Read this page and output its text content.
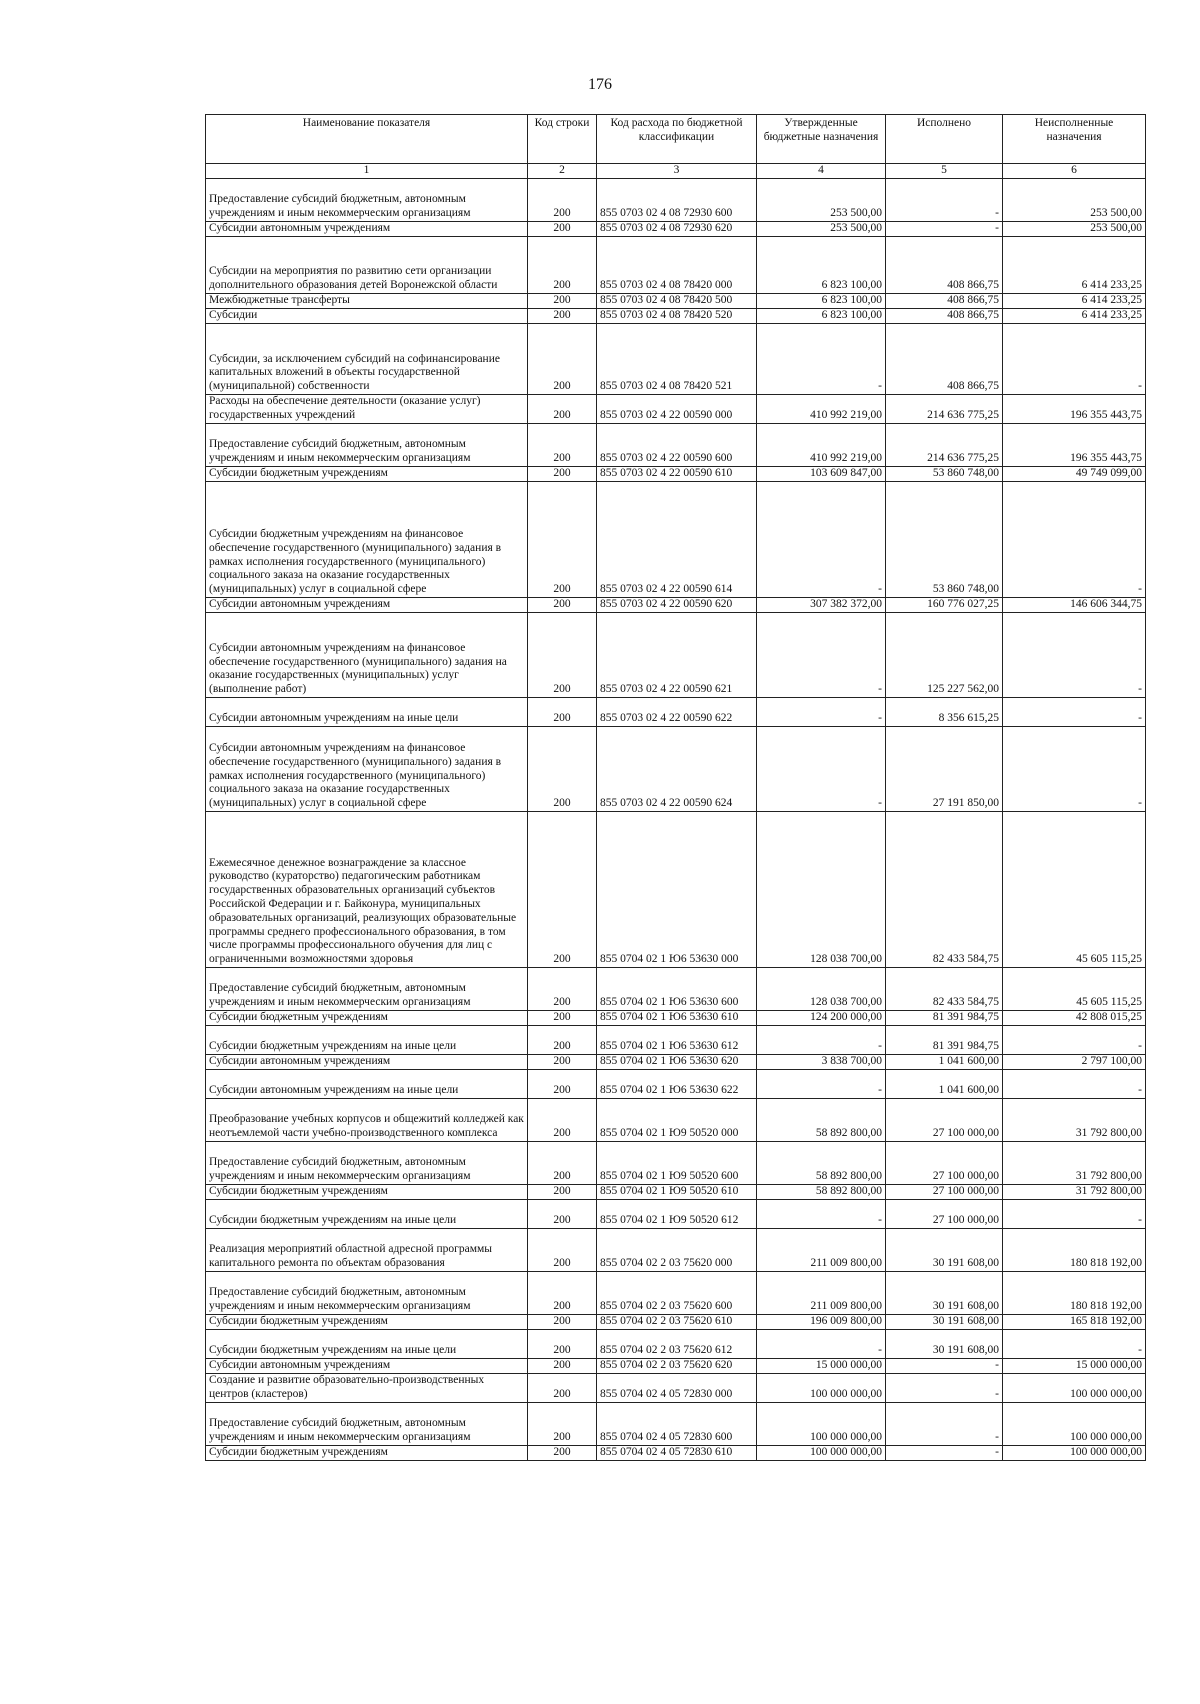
176
Наименование показателя	Код строки	Код расхода по бюджетной классификации	Утвержденные бюджетные назначения	Исполнено	Неисполненные назначения
1	2	3	4	5	6
Предоставление субсидий бюджетным, автономным учреждениям и иным некоммерческим организациям	200	855 0703 02 4 08 72930 600	253 500,00	-	253 500,00
Субсидии автономным учреждениям	200	855 0703 02 4 08 72930 620	253 500,00	-	253 500,00
Субсидии на мероприятия по развитию сети организации дополнительного образования детей Воронежской области	200	855 0703 02 4 08 78420 000	6 823 100,00	408 866,75	6 414 233,25
Межбюджетные трансферты	200	855 0703 02 4 08 78420 500	6 823 100,00	408 866,75	6 414 233,25
Субсидии	200	855 0703 02 4 08 78420 520	6 823 100,00	408 866,75	6 414 233,25
Субсидии, за исключением субсидий на софинансирование капитальных вложений в объекты государственной (муниципальной) собственности	200	855 0703 02 4 08 78420 521	-	408 866,75	-
Расходы на обеспечение деятельности (оказание услуг) государственных учреждений	200	855 0703 02 4 22 00590 000	410 992 219,00	214 636 775,25	196 355 443,75
Предоставление субсидий бюджетным, автономным учреждениям и иным некоммерческим организациям	200	855 0703 02 4 22 00590 600	410 992 219,00	214 636 775,25	196 355 443,75
Субсидии бюджетным учреждениям	200	855 0703 02 4 22 00590 610	103 609 847,00	53 860 748,00	49 749 099,00
Субсидии бюджетным учреждениям на финансовое обеспечение государственного (муниципального) задания в рамках исполнения государственного (муниципального) социального заказа на оказание государственных (муниципальных) услуг в социальной сфере	200	855 0703 02 4 22 00590 614	-	53 860 748,00	-
Субсидии автономным учреждениям	200	855 0703 02 4 22 00590 620	307 382 372,00	160 776 027,25	146 606 344,75
Субсидии автономным учреждениям на финансовое обеспечение государственного (муниципального) задания на оказание государственных (муниципальных) услуг (выполнение работ)	200	855 0703 02 4 22 00590 621	-	125 227 562,00	-
Субсидии автономным учреждениям на иные цели	200	855 0703 02 4 22 00590 622	-	8 356 615,25	-
Субсидии автономным учреждениям на финансовое обеспечение государственного (муниципального) задания в рамках исполнения государственного (муниципального) социального заказа на оказание государственных (муниципальных) услуг в социальной сфере	200	855 0703 02 4 22 00590 624	-	27 191 850,00	-
Ежемесячное денежное вознаграждение за классное руководство (кураторство) педагогическим работникам государственных образовательных организаций субъектов Российской Федерации и г. Байконура, муниципальных образовательных организаций, реализующих образовательные программы среднего профессионального образования, в том числе программы профессионального обучения для лиц с ограниченными возможностями здоровья	200	855 0704 02 1 Ю6 53630 000	128 038 700,00	82 433 584,75	45 605 115,25
Предоставление субсидий бюджетным, автономным учреждениям и иным некоммерческим организациям	200	855 0704 02 1 Ю6 53630 600	128 038 700,00	82 433 584,75	45 605 115,25
Субсидии бюджетным учреждениям	200	855 0704 02 1 Ю6 53630 610	124 200 000,00	81 391 984,75	42 808 015,25
Субсидии бюджетным учреждениям на иные цели	200	855 0704 02 1 Ю6 53630 612	-	81 391 984,75	-
Субсидии автономным учреждениям	200	855 0704 02 1 Ю6 53630 620	3 838 700,00	1 041 600,00	2 797 100,00
Субсидии автономным учреждениям на иные цели	200	855 0704 02 1 Ю6 53630 622	-	1 041 600,00	-
Преобразование учебных корпусов и общежитий колледжей как неотъемлемой части учебно-производственного комплекса	200	855 0704 02 1 Ю9 50520 000	58 892 800,00	27 100 000,00	31 792 800,00
Предоставление субсидий бюджетным, автономным учреждениям и иным некоммерческим организациям	200	855 0704 02 1 Ю9 50520 600	58 892 800,00	27 100 000,00	31 792 800,00
Субсидии бюджетным учреждениям	200	855 0704 02 1 Ю9 50520 610	58 892 800,00	27 100 000,00	31 792 800,00
Субсидии бюджетным учреждениям на иные цели	200	855 0704 02 1 Ю9 50520 612	-	27 100 000,00	-
Реализация мероприятий областной адресной программы капитального ремонта по объектам образования	200	855 0704 02 2 03 75620 000	211 009 800,00	30 191 608,00	180 818 192,00
Предоставление субсидий бюджетным, автономным учреждениям и иным некоммерческим организациям	200	855 0704 02 2 03 75620 600	211 009 800,00	30 191 608,00	180 818 192,00
Субсидии бюджетным учреждениям	200	855 0704 02 2 03 75620 610	196 009 800,00	30 191 608,00	165 818 192,00
Субсидии бюджетным учреждениям на иные цели	200	855 0704 02 2 03 75620 612	-	30 191 608,00	-
Субсидии автономным учреждениям	200	855 0704 02 2 03 75620 620	15 000 000,00	-	15 000 000,00
Создание и развитие образовательно-производственных центров (кластеров)	200	855 0704 02 4 05 72830 000	100 000 000,00	-	100 000 000,00
Предоставление субсидий бюджетным, автономным учреждениям и иным некоммерческим организациям	200	855 0704 02 4 05 72830 600	100 000 000,00	-	100 000 000,00
Субсидии бюджетным учреждениям	200	855 0704 02 4 05 72830 610	100 000 000,00	-	100 000 000,00
